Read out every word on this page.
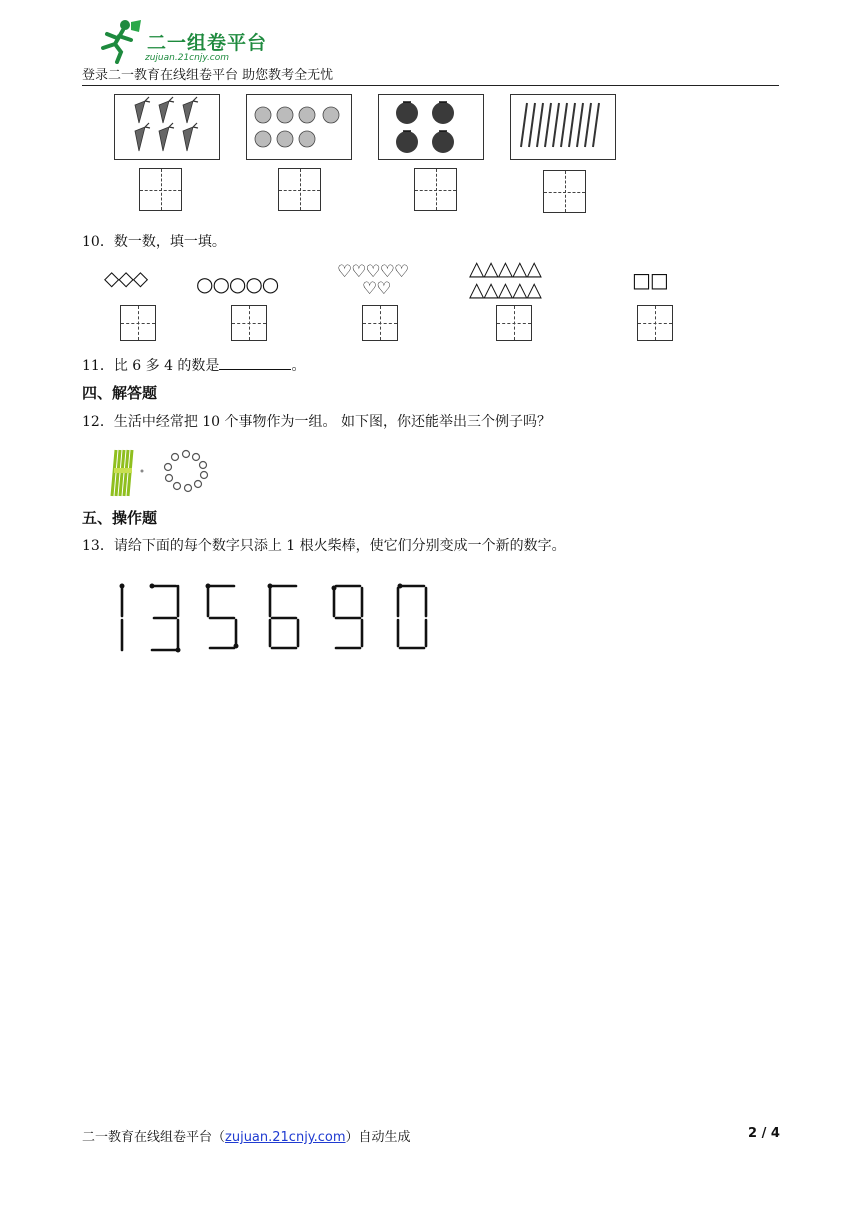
二一组卷平台
zujuan.21cnjy.com
登录二一教育在线组卷平台 助您教考全无忧
10．数一数，填一填。
◇◇◇ ○○○○○	♡♡♡♡♡
♡♡
△△△△△
△△△△△	□□
11．比 6 多 4 的数是	。
四、解答题
12．生活中经常把 10 个事物作为一组。 如下图，你还能举出三个例子吗？
五、操作题
13．请给下面的每个数字只添上 1 根火柴棒，使它们分别变成一个新的数字。
二一教育在线组卷平台（zujuan.21cnjy.com）自动生成	2 / 4
